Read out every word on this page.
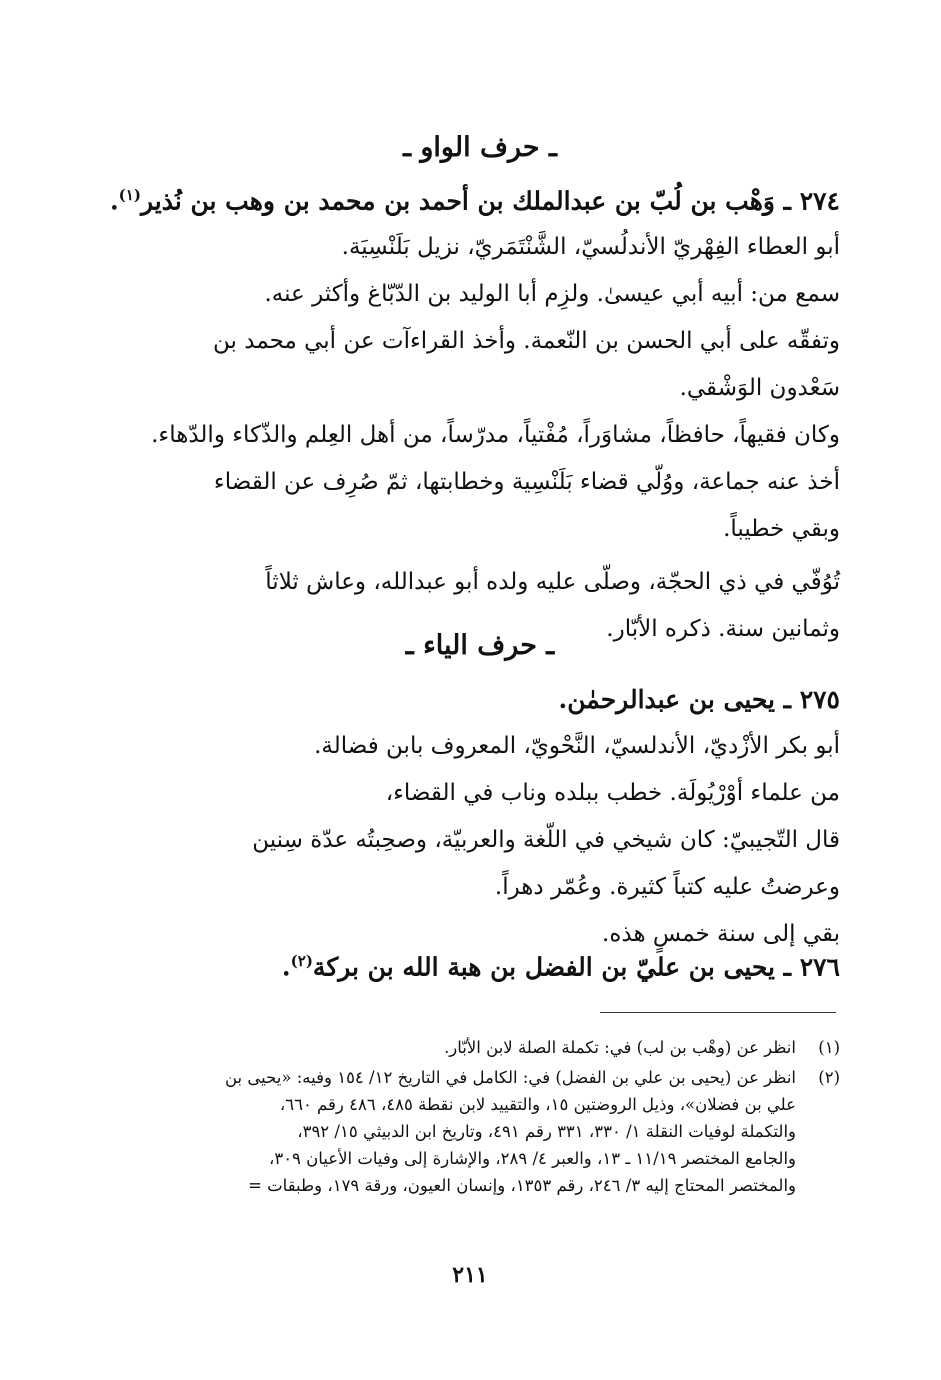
ـ حرف الواو ـ
٢٧٤ ـ وَهْب بن لُبّ بن عبدالملك بن أحمد بن محمد بن وهب بن نُذير$^{(١)}$.
أبو العطاء الفِهْريّ الأندلُسيّ، الشَّنْتَمَريّ، نزيل بَلَنْسِيَة.
سمع من: أبيه أبي عيسىٰ. ولزِم أبا الوليد بن الدّبّاغ وأكثر عنه.
وتفقّه على أبي الحسن بن النّعمة. وأخذ القراءآت عن أبي محمد بن
سَعْدون الوَشْقي.
وكان فقيهاً، حافظاً، مشاوَراً، مُفْتياً، مدرّساً، من أهل العِلم والذّكاء والدّهاء.
أخذ عنه جماعة، ووُلّي قضاء بَلَنْسِية وخطابتها، ثمّ صُرِف عن القضاء
وبقي خطيباً.
تُوُفّي في ذي الحجّة، وصلّى عليه ولده أبو عبدالله، وعاش ثلاثاً
وثمانين سنة. ذكره الأبّار.
ـ حرف الياء ـ
٢٧٥ ـ يحيى بن عبدالرحمٰن.
أبو بكر الأزْديّ، الأندلسيّ، النَّحْويّ، المعروف بابن فضالة.
من علماء أوْرْيُولَة. خطب ببلده وناب في القضاء،
قال التّجيبيّ: كان شيخي في اللّغة والعربيّة، وصحِبتُه عدّة سِنين
وعرضتُ عليه كتباً كثيرة. وعُمّر دهراً.
بقي إلى سنة خمسٍ هذه.
٢٧٦ ـ يحيى بن عليّ بن الفضل بن هبة الله بن بركة$^{(٢)}$.
(١)
انظر عن (وهْب بن لب) في: تكملة الصلة لابن الأبّار.
(٢)
انظر عن (يحيى بن علي بن الفضل) في: الكامل في التاريخ ١٢/ ١٥٤ وفيه: «يحيى بن
علي بن فضلان»، وذيل الروضتين ١٥، والتقييد لابن نقطة ٤٨٥، ٤٨٦ رقم ٦٦٠،
والتكملة لوفيات النقلة ١/ ٣٣٠، ٣٣١ رقم ٤٩١، وتاريخ ابن الدبيثي ١٥/ ٣٩٢،
والجامع المختصر ١١/١٩ ـ ١٣، والعبر ٤/ ٢٨٩، والإشارة إلى وفيات الأعيان ٣٠٩،
والمختصر المحتاج إليه ٣/ ٢٤٦، رقم ١٣٥٣، وإنسان العيون، ورقة ١٧٩، وطبقات =
٢١١
